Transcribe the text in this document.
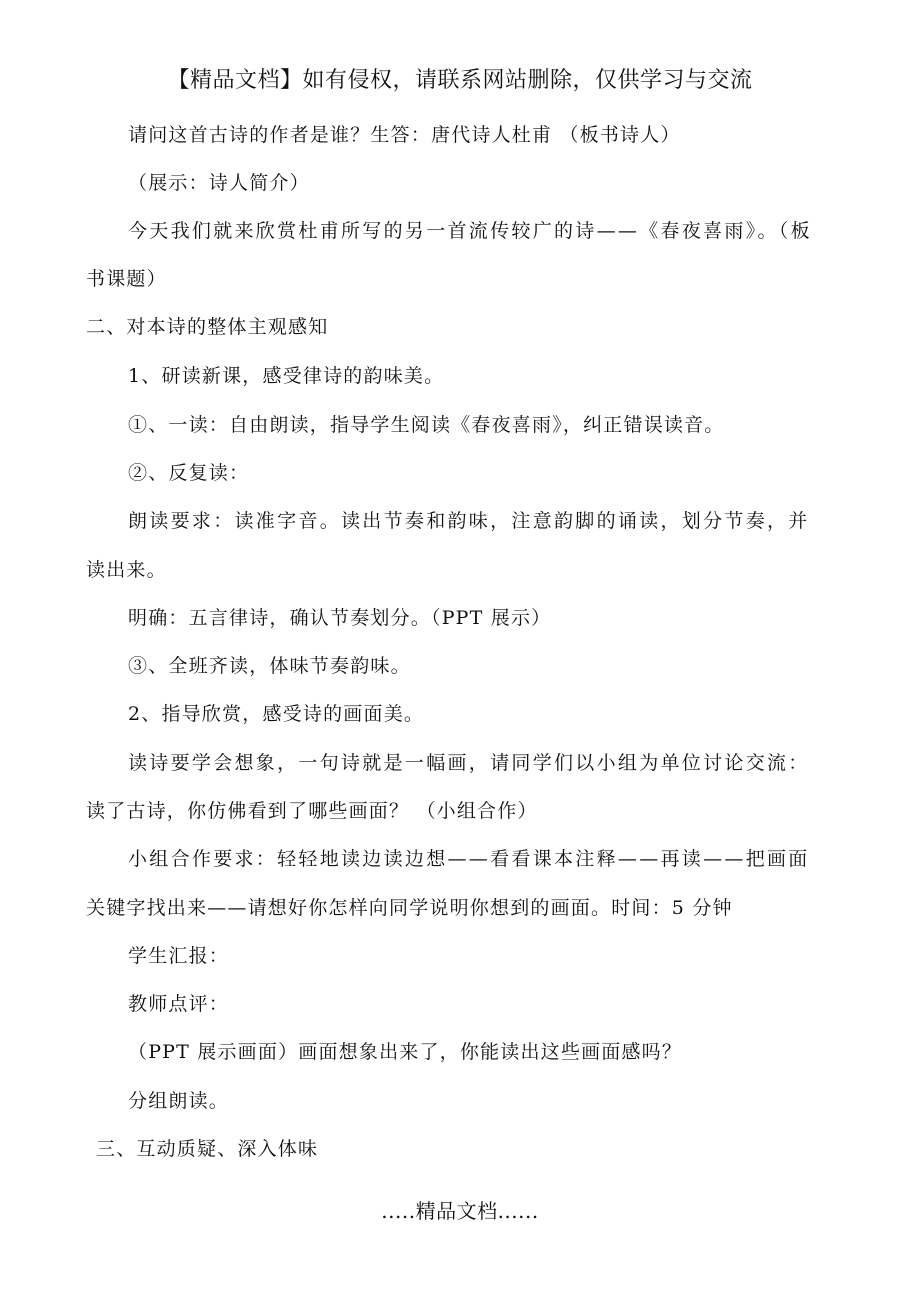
【精品文档】如有侵权，请联系网站删除，仅供学习与交流
请问这首古诗的作者是谁？生答：唐代诗人杜甫 （板书诗人）
（展示：诗人简介）
今天我们就来欣赏杜甫所写的另一首流传较广的诗——《春夜喜雨》。（板
书课题）
二、对本诗的整体主观感知
1、研读新课，感受律诗的韵味美。
①、一读：自由朗读，指导学生阅读《春夜喜雨》，纠正错误读音。
②、反复读：
朗读要求：读准字音。读出节奏和韵味，注意韵脚的诵读，划分节奏，并
读出来。
明确：五言律诗，确认节奏划分。（PPT 展示）
③、全班齐读，体味节奏韵味。
2、指导欣赏，感受诗的画面美。
读诗要学会想象，一句诗就是一幅画，请同学们以小组为单位讨论交流：
读了古诗，你仿佛看到了哪些画面？ （小组合作）
小组合作要求：轻轻地读边读边想——看看课本注释——再读——把画面
关键字找出来——请想好你怎样向同学说明你想到的画面。时间：5 分钟
学生汇报：
教师点评：
（PPT 展示画面）画面想象出来了，你能读出这些画面感吗？
分组朗读。
三、互动质疑、深入体味
.....精品文档......
